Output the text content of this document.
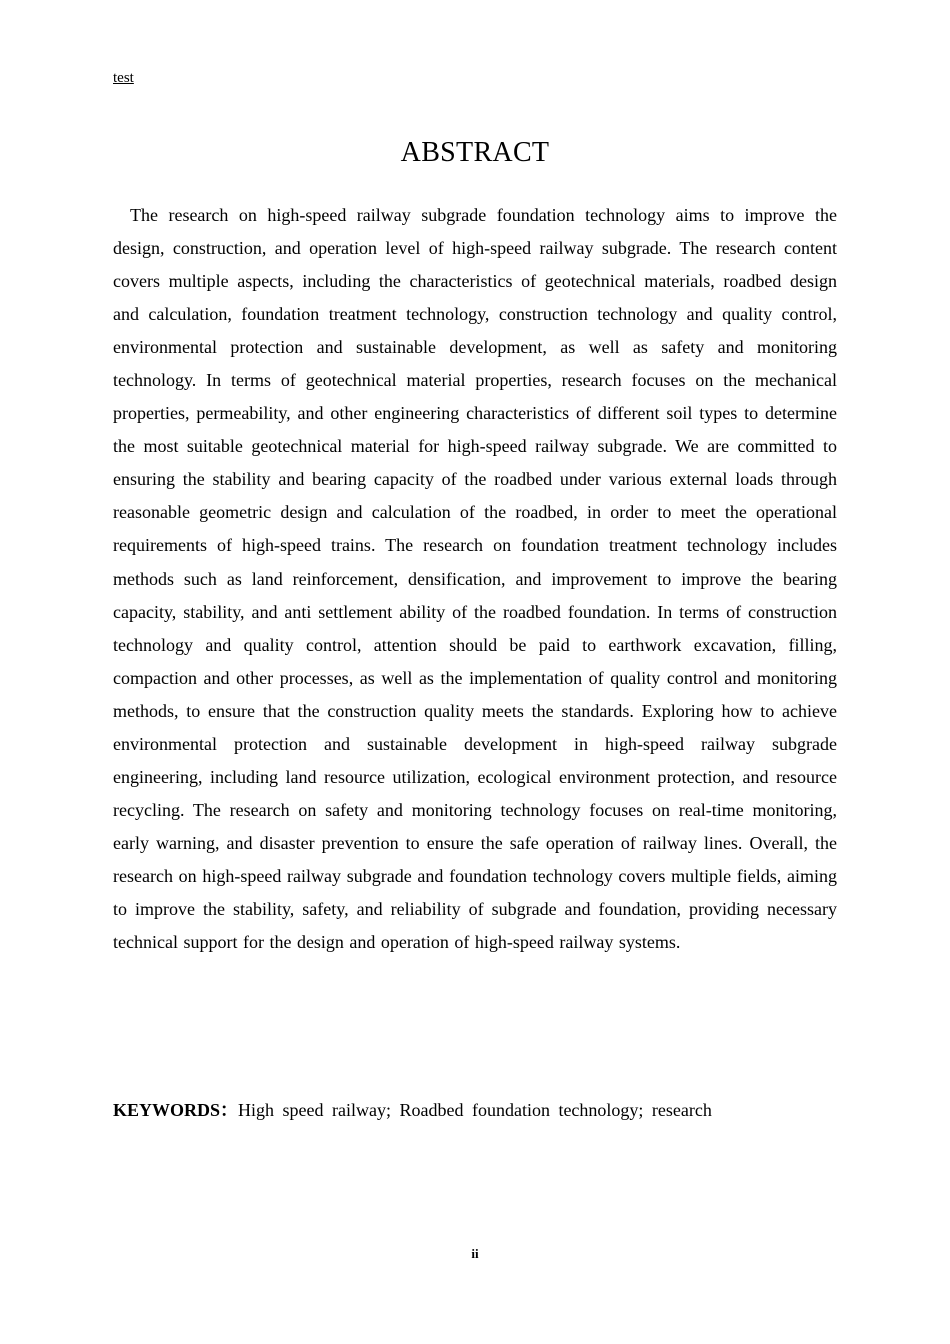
test
ABSTRACT

The research on high-speed railway subgrade foundation technology aims to improve the design, construction, and operation level of high-speed railway subgrade. The research content covers multiple aspects, including the characteristics of geotechnical materials, roadbed design and calculation, foundation treatment technology, construction technology and quality control, environmental protection and sustainable development, as well as safety and monitoring technology. In terms of geotechnical material properties, research focuses on the mechanical properties, permeability, and other engineering characteristics of different soil types to determine the most suitable geotechnical material for high-speed railway subgrade. We are committed to ensuring the stability and bearing capacity of the roadbed under various external loads through reasonable geometric design and calculation of the roadbed, in order to meet the operational requirements of high-speed trains. The research on foundation treatment technology includes methods such as land reinforcement, densification, and improvement to improve the bearing capacity, stability, and anti settlement ability of the roadbed foundation. In terms of construction technology and quality control, attention should be paid to earthwork excavation, filling, compaction and other processes, as well as the implementation of quality control and monitoring methods, to ensure that the construction quality meets the standards. Exploring how to achieve environmental protection and sustainable development in high-speed railway subgrade engineering, including land resource utilization, ecological environment protection, and resource recycling. The research on safety and monitoring technology focuses on real-time monitoring, early warning, and disaster prevention to ensure the safe operation of railway lines. Overall, the research on high-speed railway subgrade and foundation technology covers multiple fields, aiming to improve the stability, safety, and reliability of subgrade and foundation, providing necessary technical support for the design and operation of high-speed railway systems.

KEYWORDS：High speed railway; Roadbed foundation technology; research
ii
